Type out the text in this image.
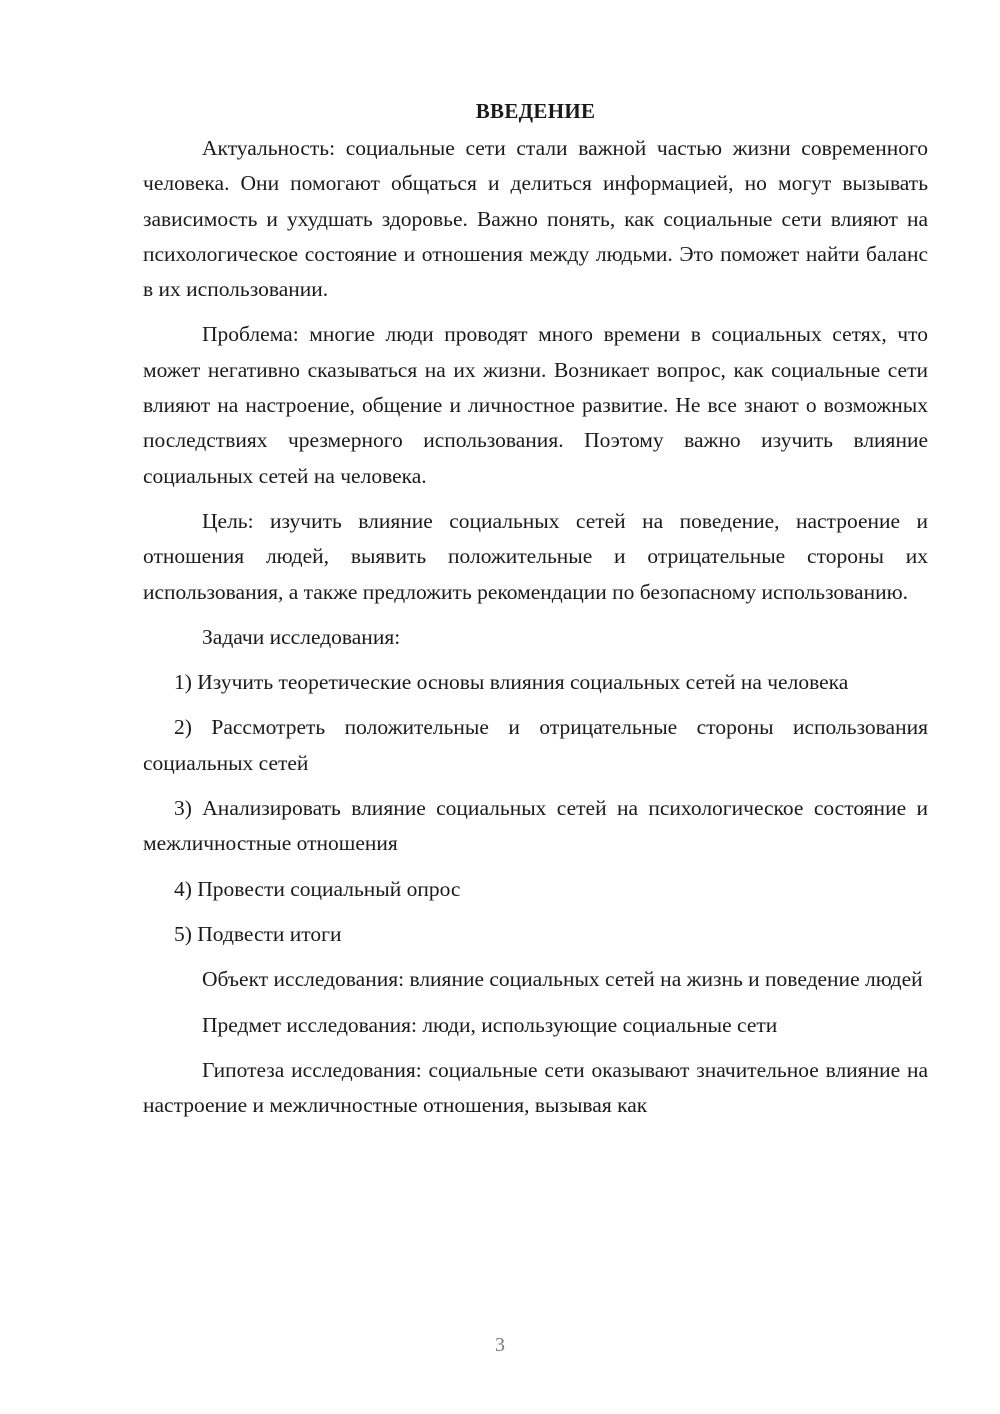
ВВЕДЕНИЕ

Актуальность: социальные сети стали важной частью жизни современного человека. Они помогают общаться и делиться информацией, но могут вызывать зависимость и ухудшать здоровье. Важно понять, как социальные сети влияют на психологическое состояние и отношения между людьми. Это поможет найти баланс в их использовании.

Проблема: многие люди проводят много времени в социальных сетях, что может негативно сказываться на их жизни. Возникает вопрос, как социальные сети влияют на настроение, общение и личностное развитие. Не все знают о возможных последствиях чрезмерного использования. Поэтому важно изучить влияние социальных сетей на человека.

Цель: изучить влияние социальных сетей на поведение, настроение и отношения людей, выявить положительные и отрицательные стороны их использования, а также предложить рекомендации по безопасному использованию.

Задачи исследования:

1) Изучить теоретические основы влияния социальных сетей на человека

2) Рассмотреть положительные и отрицательные стороны использования социальных сетей

3) Анализировать влияние социальных сетей на психологическое состояние и межличностные отношения

4) Провести социальный опрос

5) Подвести итоги

Объект исследования: влияние социальных сетей на жизнь и поведение людей

Предмет исследования: люди, использующие социальные сети

Гипотеза исследования: социальные сети оказывают значительное влияние на настроение и межличностные отношения, вызывая как

3
